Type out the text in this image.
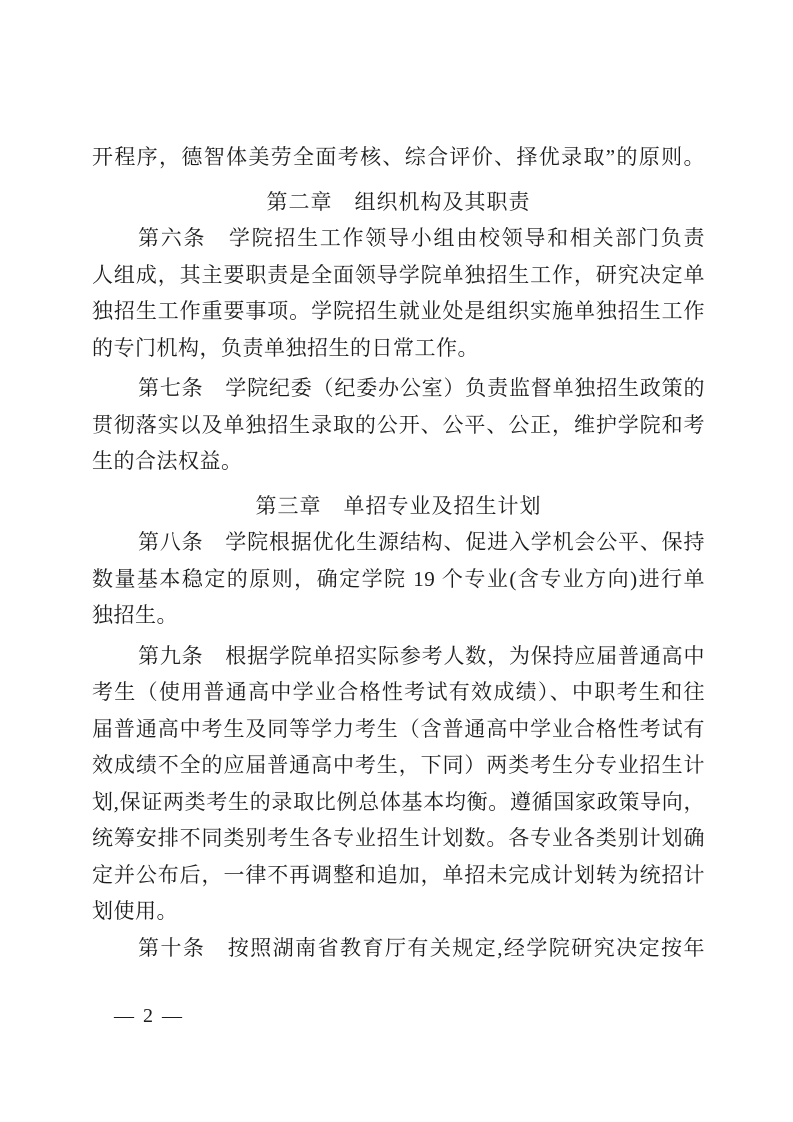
开程序，德智体美劳全面考核、综合评价、择优录取”的原则。
第二章　组织机构及其职责
第六条　学院招生工作领导小组由校领导和相关部门负责
人组成，其主要职责是全面领导学院单独招生工作，研究决定单
独招生工作重要事项。学院招生就业处是组织实施单独招生工作
的专门机构，负责单独招生的日常工作。
第七条　学院纪委（纪委办公室）负责监督单独招生政策的
贯彻落实以及单独招生录取的公开、公平、公正，维护学院和考
生的合法权益。
第三章　单招专业及招生计划
第八条　学院根据优化生源结构、促进入学机会公平、保持
数量基本稳定的原则，确定学院 19 个专业(含专业方向)进行单
独招生。
第九条　根据学院单招实际参考人数，为保持应届普通高中
考生（使用普通高中学业合格性考试有效成绩）、中职考生和往
届普通高中考生及同等学力考生（含普通高中学业合格性考试有
效成绩不全的应届普通高中考生，下同）两类考生分专业招生计
划,保证两类考生的录取比例总体基本均衡。遵循国家政策导向，
统筹安排不同类别考生各专业招生计划数。各专业各类别计划确
定并公布后，一律不再调整和追加，单招未完成计划转为统招计
划使用。
第十条　按照湖南省教育厅有关规定,经学院研究决定按年
— 2 —
